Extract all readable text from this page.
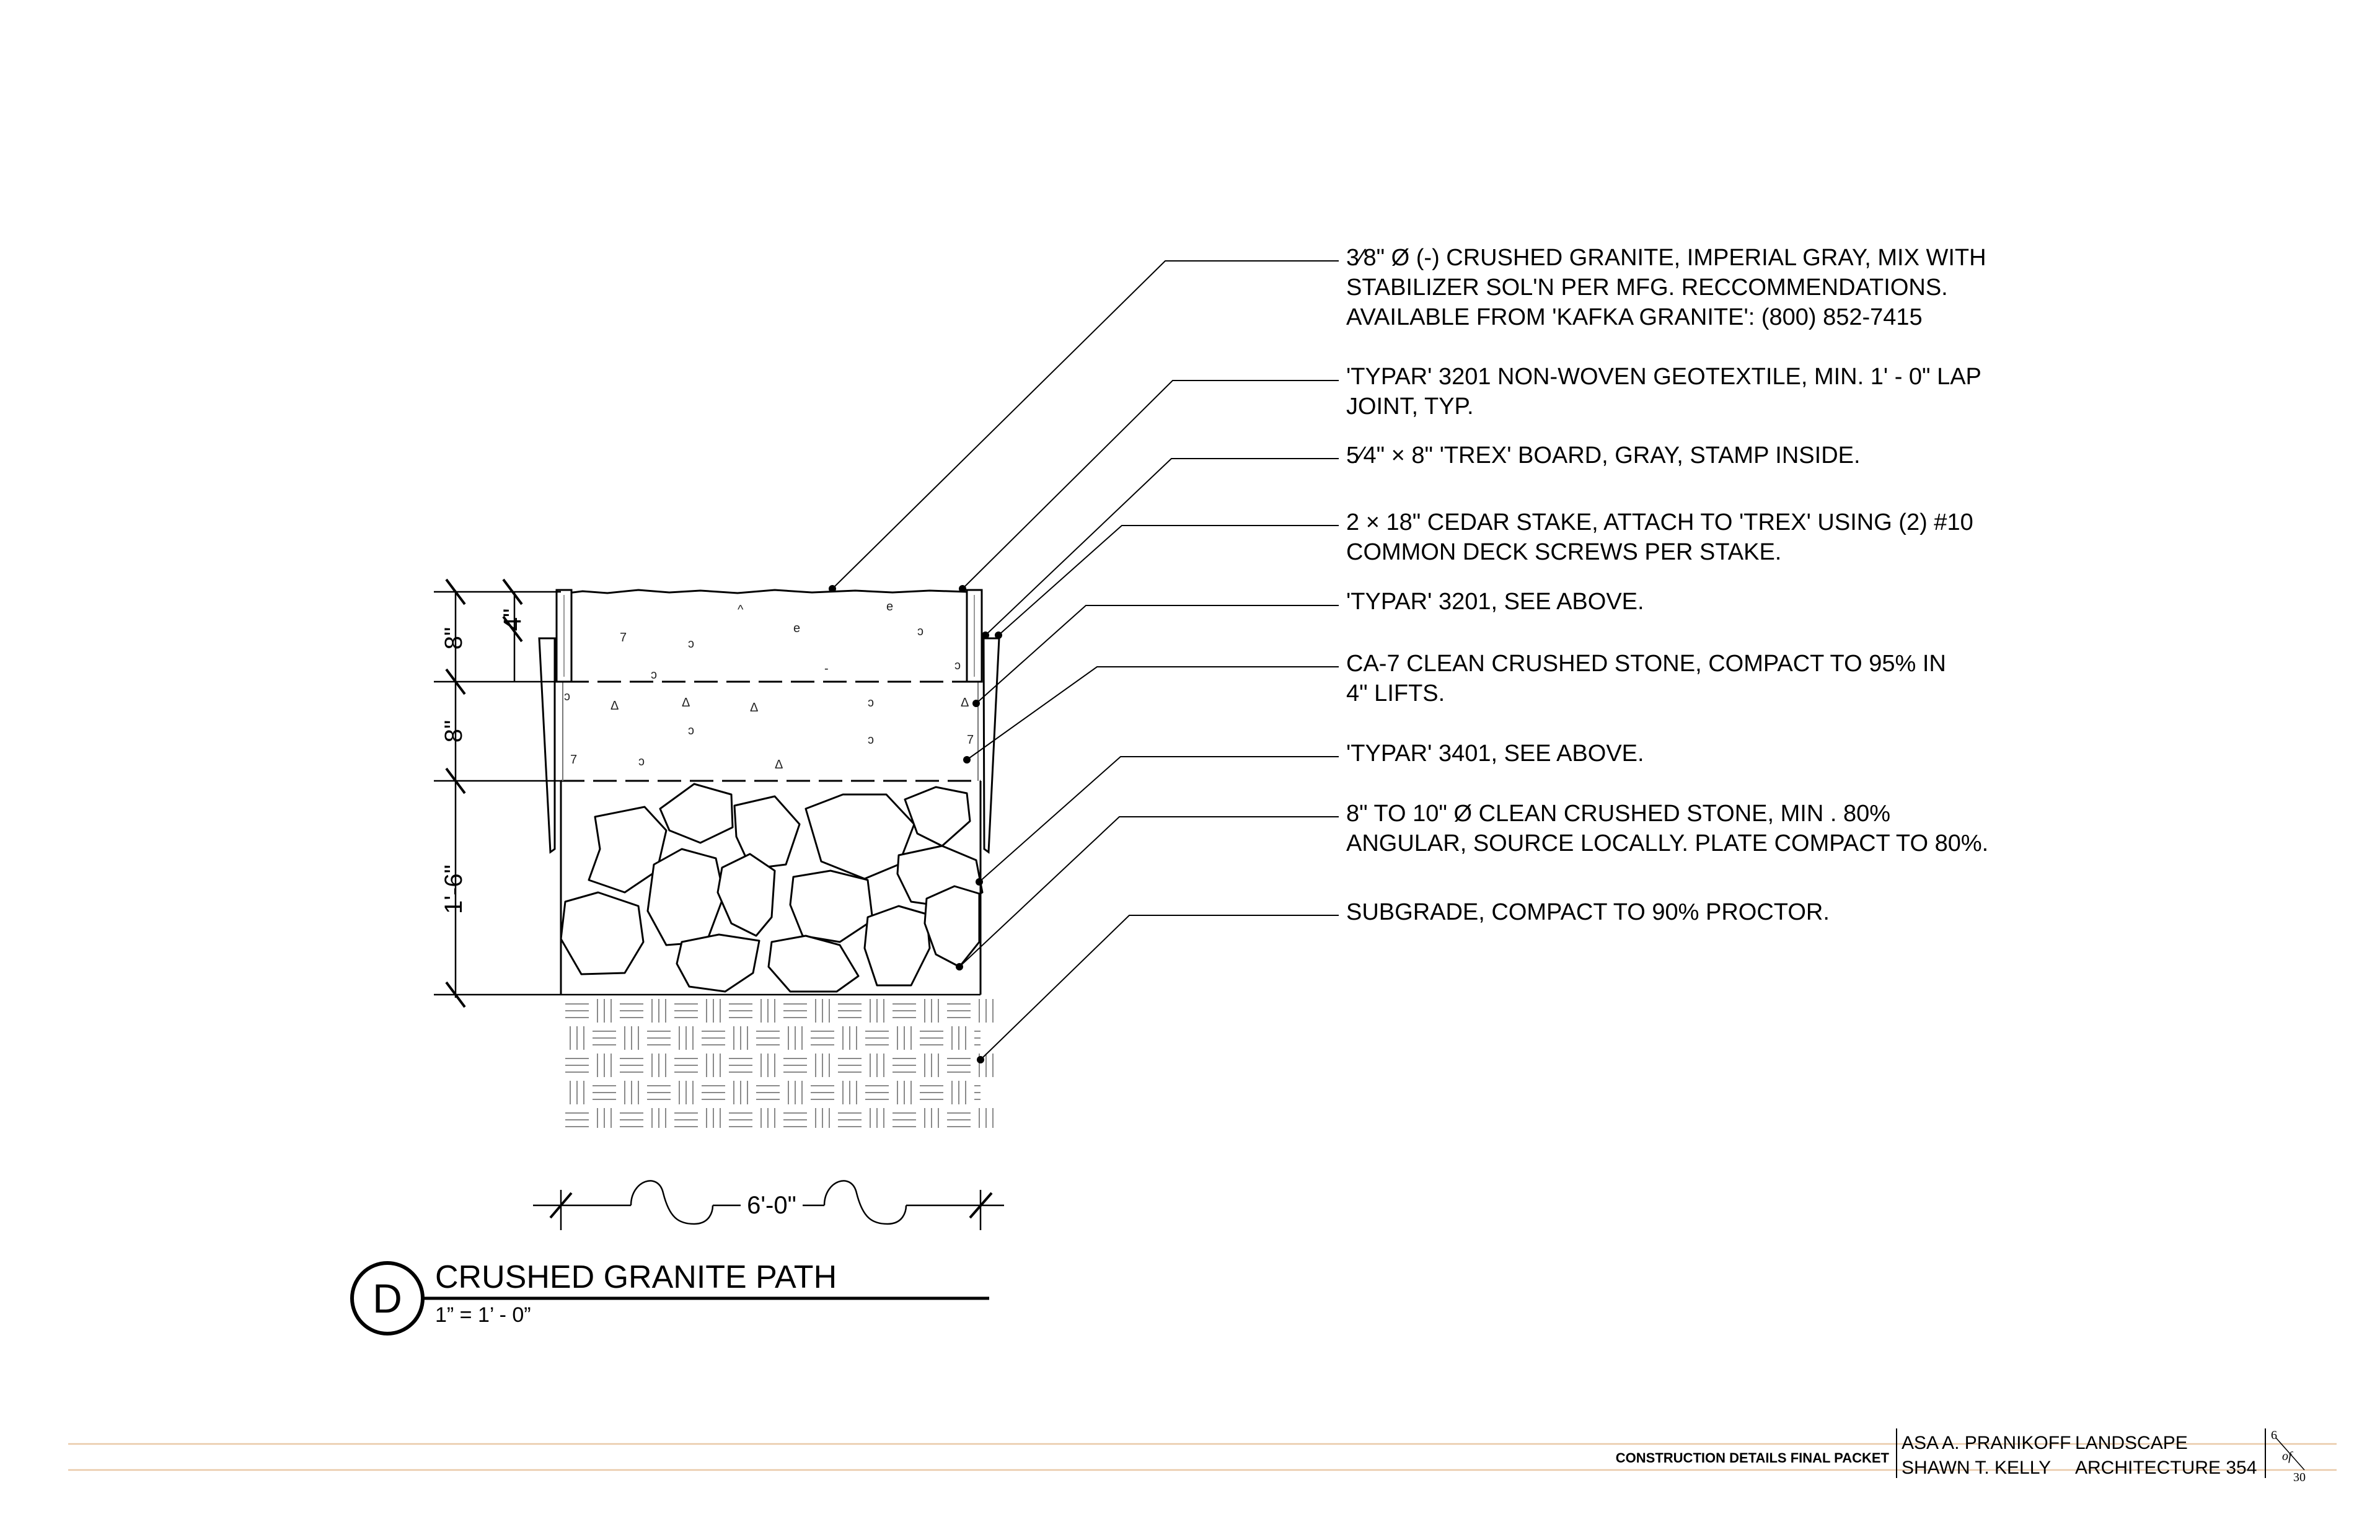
7	ɔ
^
e
e
ɔ
ɔ	-	ɔ
Δ	Δ	Δ	ɔ	Δ
7
ɔ
Δ
ɔ
7
ɔ
ɔ
8"
4"
8"
1'-6"
6'-0"
3⁄8" Ø (-) CRUSHED GRANITE, IMPERIAL GRAY, MIX WITH
STABILIZER SOL'N PER MFG. RECCOMMENDATIONS.
AVAILABLE FROM 'KAFKA GRANITE': (800) 852-7415
'TYPAR' 3201 NON-WOVEN GEOTEXTILE, MIN. 1' - 0" LAP
JOINT, TYP.
5⁄4" × 8" 'TREX' BOARD, GRAY, STAMP INSIDE.
2 × 18" CEDAR STAKE, ATTACH TO 'TREX' USING (2) #10
COMMON DECK SCREWS PER STAKE.
'TYPAR' 3201, SEE ABOVE.
CA-7 CLEAN CRUSHED STONE, COMPACT TO 95% IN
4" LIFTS.
'TYPAR' 3401, SEE ABOVE.
8" TO 10" Ø CLEAN CRUSHED STONE, MIN . 80%
ANGULAR, SOURCE LOCALLY. PLATE COMPACT TO 80%.
SUBGRADE, COMPACT TO 90% PROCTOR.
D CRUSHED GRANITE PATH
1” = 1’ - 0”
CONSTRUCTION DETAILS FINAL PACKET
ASA A. PRANIKOFF
SHAWN T. KELLY
LANDSCAPE
ARCHITECTURE 354
6
of
30
